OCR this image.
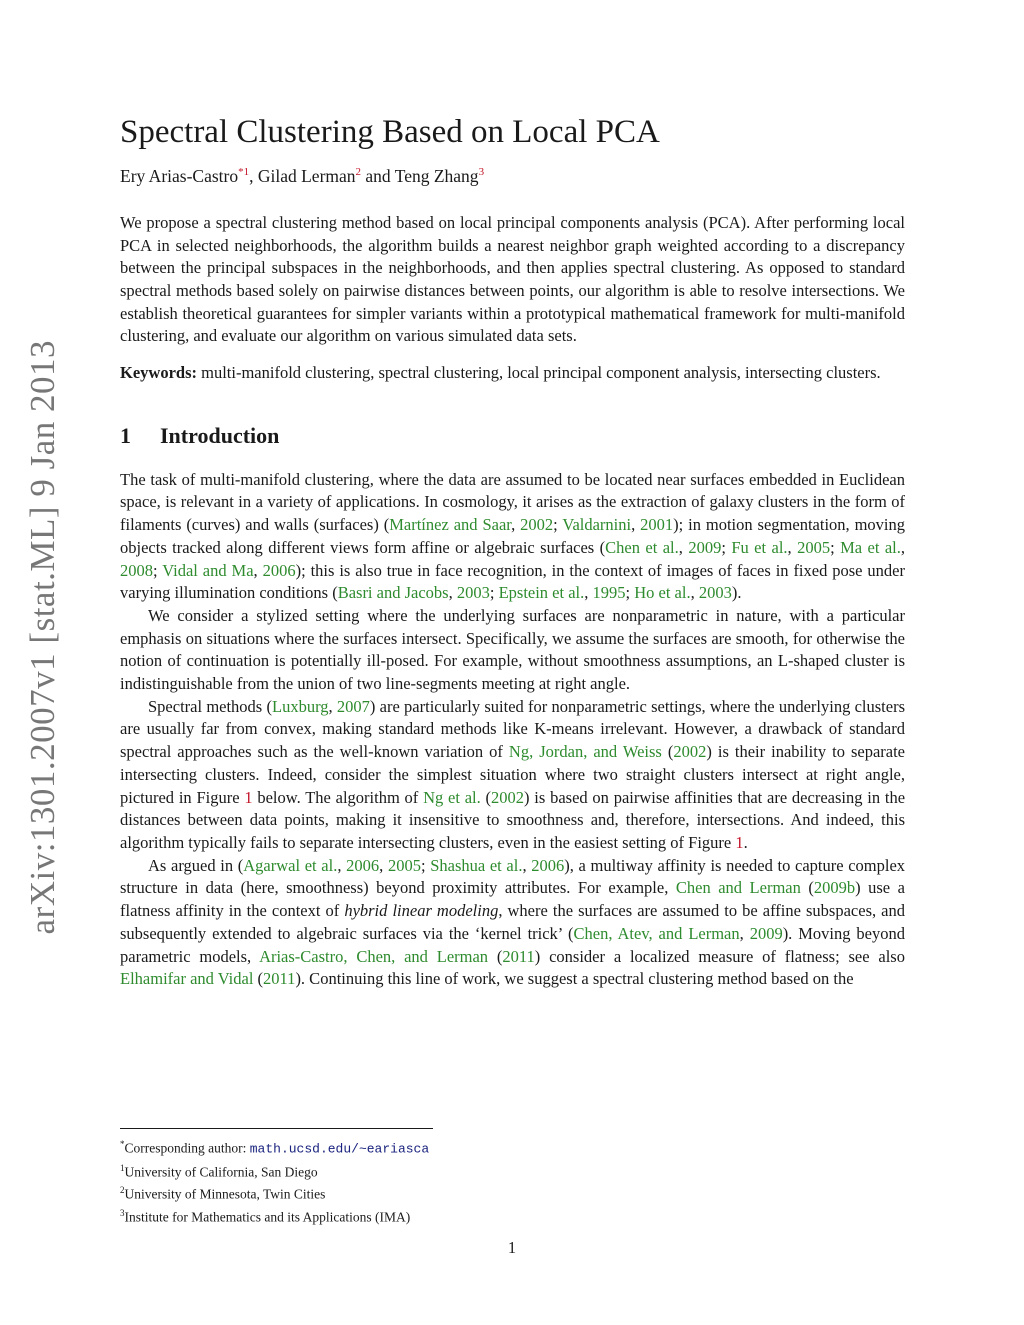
arXiv:1301.2007v1 [stat.ML] 9 Jan 2013
Spectral Clustering Based on Local PCA
Ery Arias-Castro$^{*1}$, Gilad Lerman$^2$ and Teng Zhang$^3$

We propose a spectral clustering method based on local principal components analysis (PCA). After performing local PCA in selected neighborhoods, the algorithm builds a nearest neighbor graph weighted according to a discrepancy between the principal subspaces in the neighborhoods, and then applies spectral clustering. As opposed to standard spectral methods based solely on pairwise distances between points, our algorithm is able to resolve intersections. We establish theoretical guarantees for simpler variants within a prototypical mathematical framework for multi-manifold clustering, and evaluate our algorithm on various simulated data sets.

Keywords: multi-manifold clustering, spectral clustering, local principal component analysis, intersecting clusters.

1 Introduction

The task of multi-manifold clustering, where the data are assumed to be located near surfaces embedded in Euclidean space, is relevant in a variety of applications. In cosmology, it arises as the extraction of galaxy clusters in the form of filaments (curves) and walls (surfaces) (Martínez and Saar, 2002; Valdarnini, 2001); in motion segmentation, moving objects tracked along different views form affine or algebraic surfaces (Chen et al., 2009; Fu et al., 2005; Ma et al., 2008; Vidal and Ma, 2006); this is also true in face recognition, in the context of images of faces in fixed pose under varying illumination conditions (Basri and Jacobs, 2003; Epstein et al., 1995; Ho et al., 2003).

We consider a stylized setting where the underlying surfaces are nonparametric in nature, with a particular emphasis on situations where the surfaces intersect. Specifically, we assume the surfaces are smooth, for otherwise the notion of continuation is potentially ill-posed. For example, without smoothness assumptions, an L-shaped cluster is indistinguishable from the union of two line-segments meeting at right angle.

Spectral methods (Luxburg, 2007) are particularly suited for nonparametric settings, where the underlying clusters are usually far from convex, making standard methods like K-means irrelevant. However, a drawback of standard spectral approaches such as the well-known variation of Ng, Jordan, and Weiss (2002) is their inability to separate intersecting clusters. Indeed, consider the simplest situation where two straight clusters intersect at right angle, pictured in Figure 1 below. The algorithm of Ng et al. (2002) is based on pairwise affinities that are decreasing in the distances between data points, making it insensitive to smoothness and, therefore, intersections. And indeed, this algorithm typically fails to separate intersecting clusters, even in the easiest setting of Figure 1.

As argued in (Agarwal et al., 2006, 2005; Shashua et al., 2006), a multiway affinity is needed to capture complex structure in data (here, smoothness) beyond proximity attributes. For example, Chen and Lerman (2009b) use a flatness affinity in the context of hybrid linear modeling, where the surfaces are assumed to be affine subspaces, and subsequently extended to algebraic surfaces via the ‘kernel trick’ (Chen, Atev, and Lerman, 2009). Moving beyond parametric models, Arias-Castro, Chen, and Lerman (2011) consider a localized measure of flatness; see also Elhamifar and Vidal (2011). Continuing this line of work, we suggest a spectral clustering method based on the

*Corresponding author: math.ucsd.edu/~eariasca
$^1$University of California, San Diego
$^2$University of Minnesota, Twin Cities
$^3$Institute for Mathematics and its Applications (IMA)
1
